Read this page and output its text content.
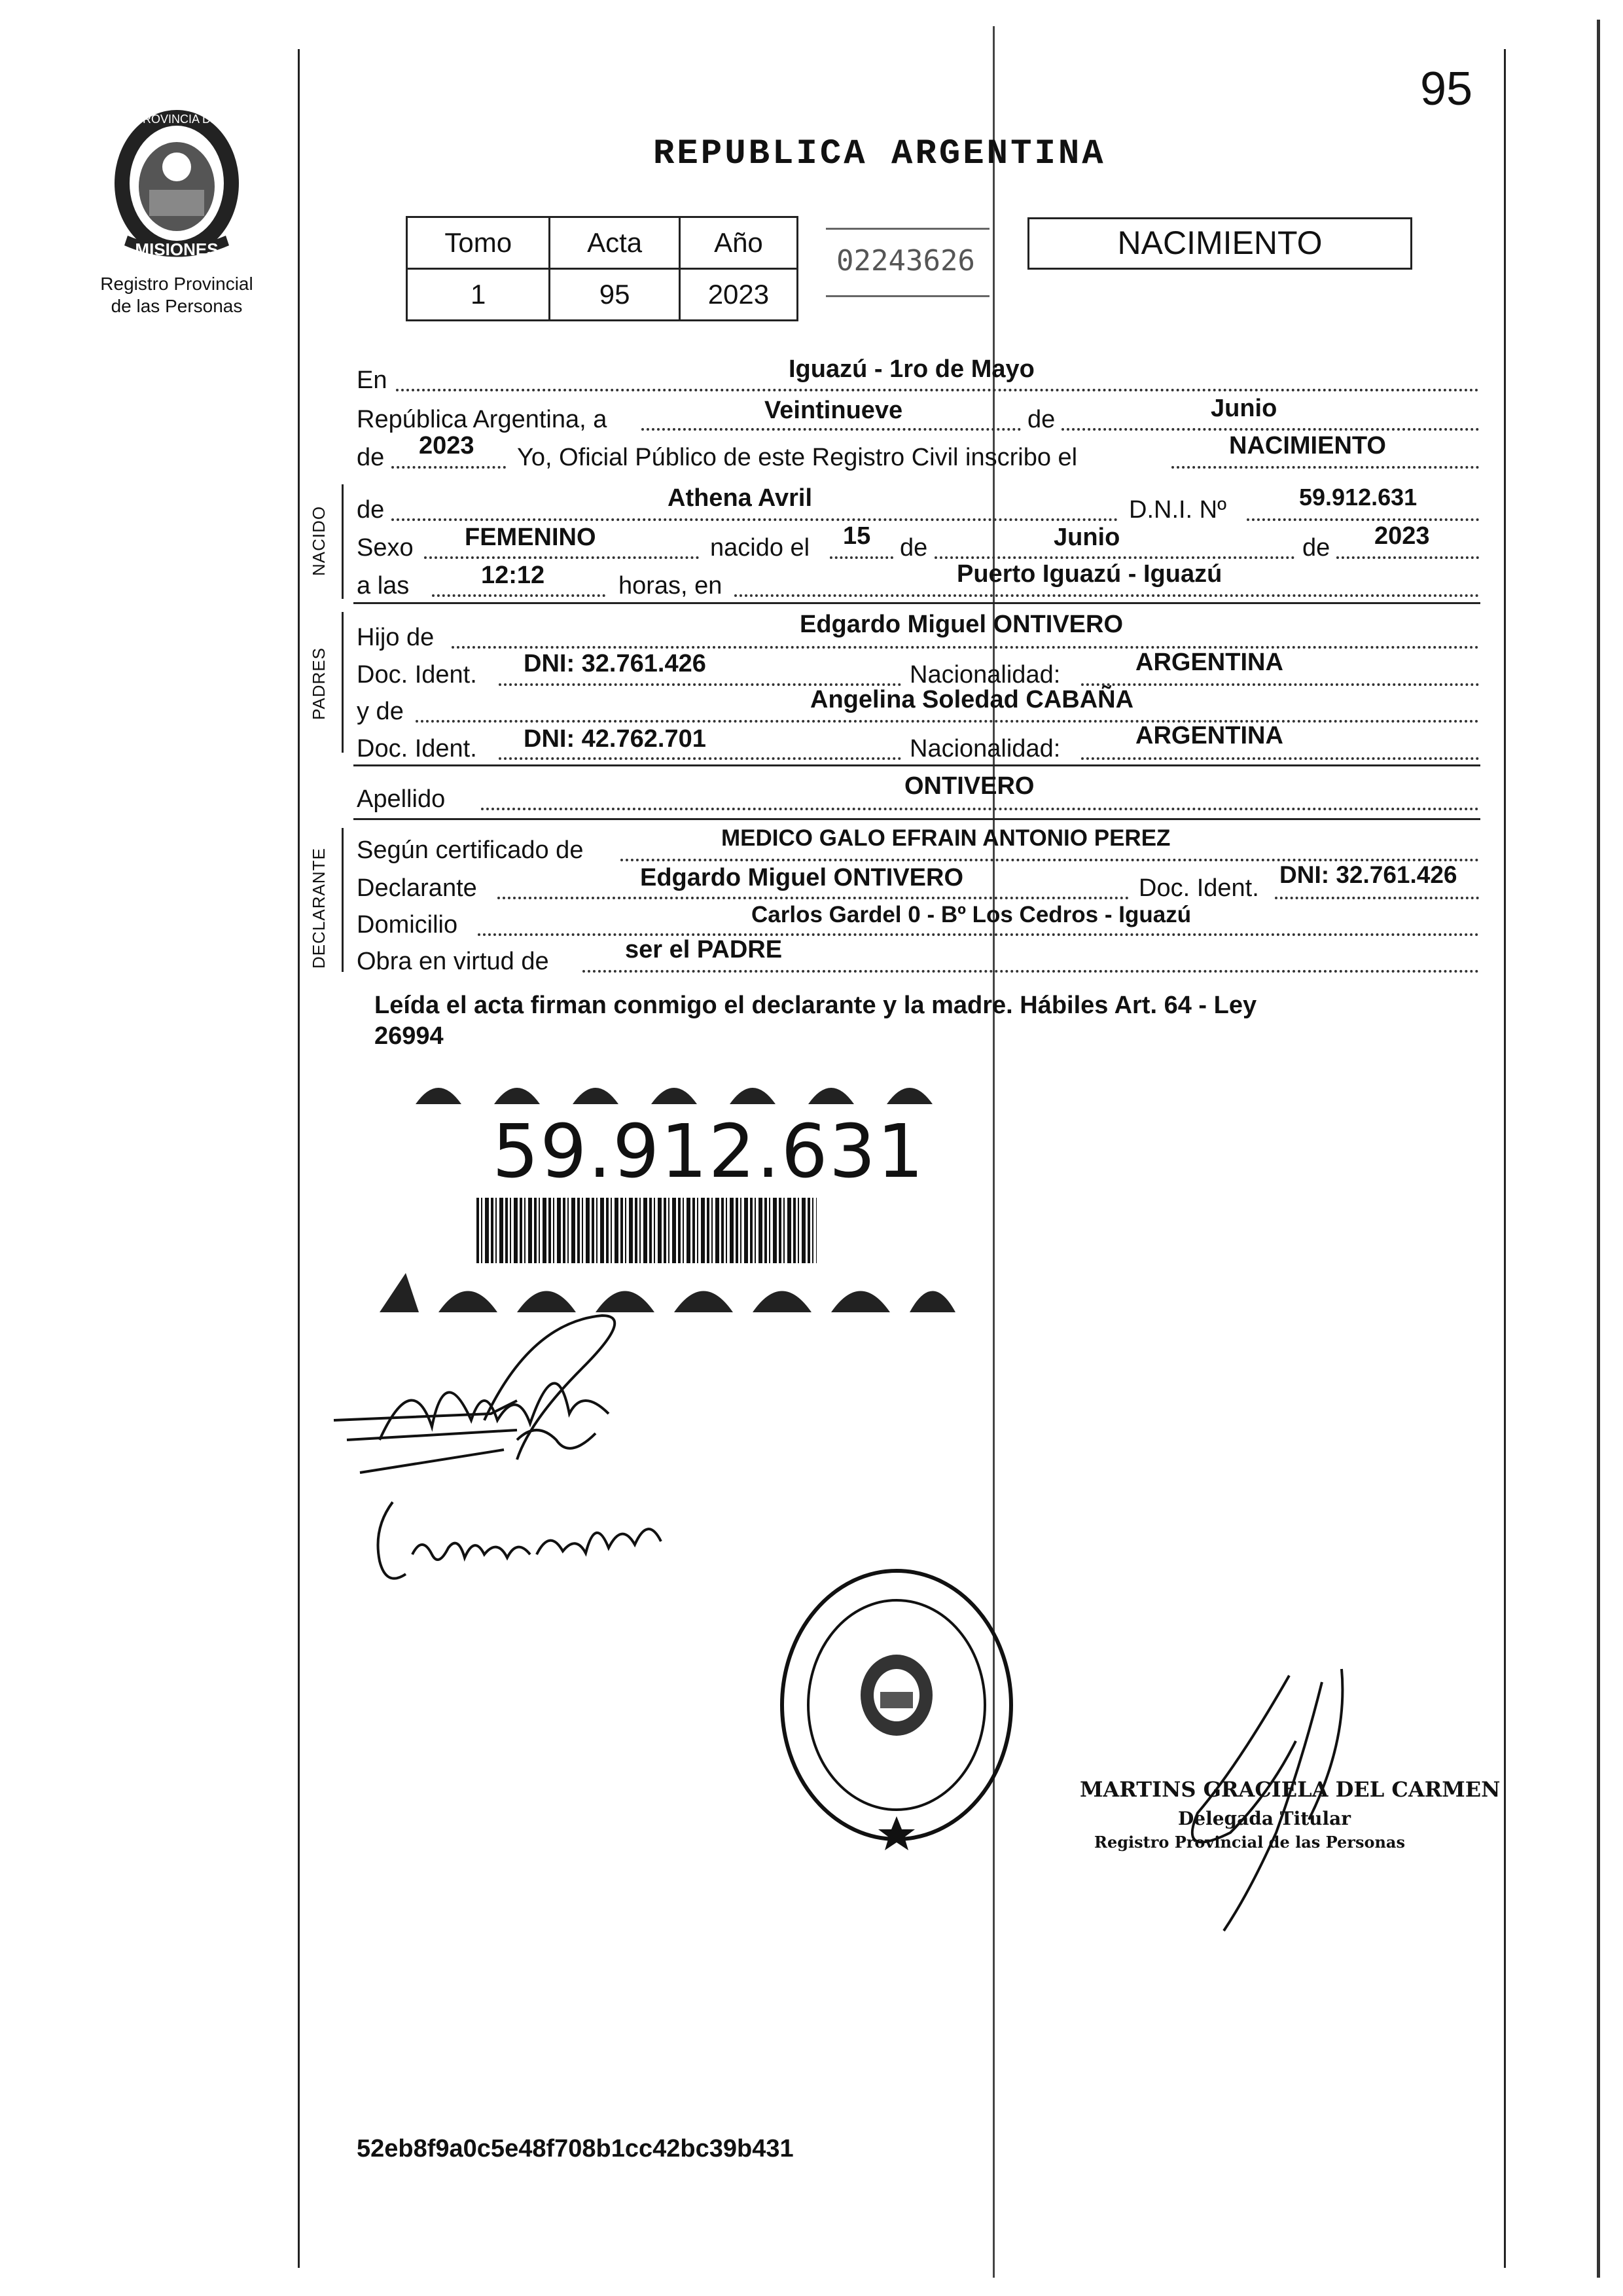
95
MISIONES
PROVINCIA DE
Registro Provincial
de las Personas
REPUBLICA ARGENTINA
Tomo	Acta	Año
1	95	2023
02243626	NACIMIENTO
En	Iguazú - 1ro de Mayo
República Argentina, a	Veintinueve	de	Junio
de 2023 Yo, Oficial Público de este Registro Civil inscribo el	NACIMIENTO
NACIDO de	Athena Avril	D.N.I. Nº	59.912.631
Sexo FEMENINO	nacido el 15 de	Junio	de 2023
a las	12:12	horas, en	Puerto Iguazú - Iguazú
PADRES
Hijo de	Edgardo Miguel ONTIVERO
Doc. Ident. DNI: 32.761.426	Nacionalidad:	ARGENTINA
y de	Angelina Soledad CABAÑA
Doc. Ident. DNI: 42.762.701	Nacionalidad:	ARGENTINA
Apellido	ONTIVERO
DECLARANTE Según certificado de	MEDICO GALO EFRAIN ANTONIO PEREZ
Declarante	Edgardo Miguel ONTIVERO	Doc. Ident. DNI: 32.761.426
Domicilio	Carlos Gardel 0 - Bº Los Cedros - Iguazú
Obra en virtud de	ser el PADRE
Leída el acta firman conmigo el declarante y la madre. Hábiles Art. 64 - Ley
26994
59.912.631
MARTINS GRACIELA DEL CARMEN
Delegada Titular
Registro Provincial de las Personas
52eb8f9a0c5e48f708b1cc42bc39b431
